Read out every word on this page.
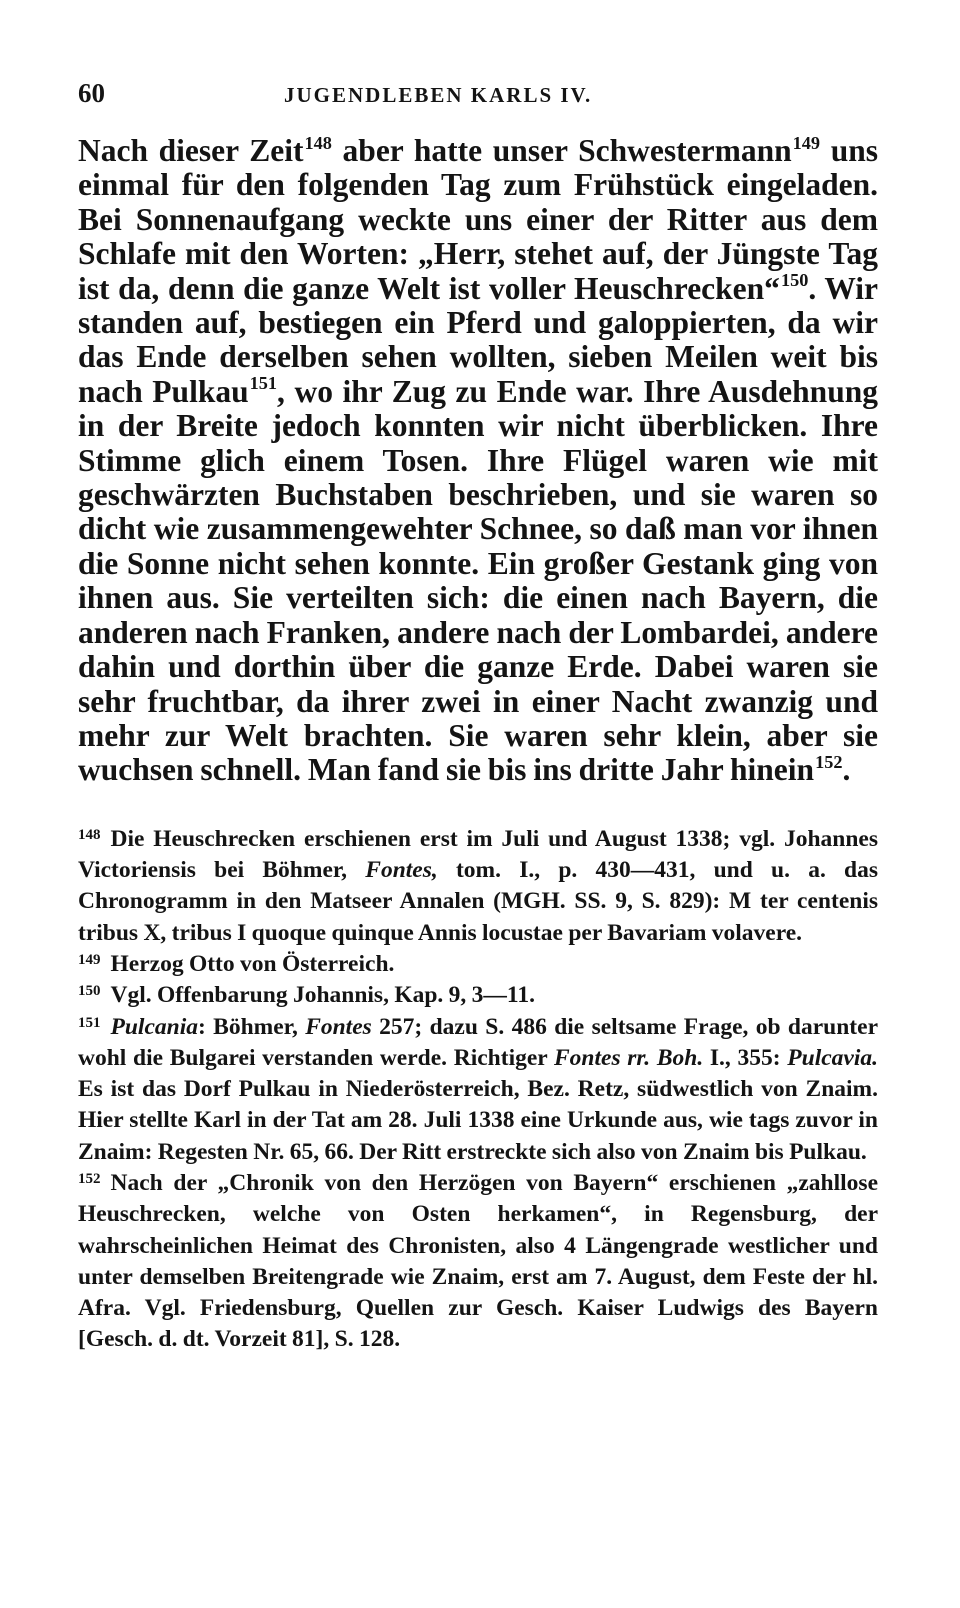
60	JUGENDLEBEN KARLS IV.

Nach dieser Zeit$^{148}$ aber hatte unser Schwestermann$^{149}$ uns einmal für den folgenden Tag zum Frühstück eingeladen. Bei Sonnenaufgang weckte uns einer der Ritter aus dem Schlafe mit den Worten: „Herr, stehet auf, der Jüngste Tag ist da, denn die ganze Welt ist voller Heuschrecken“$^{150}$. Wir standen auf, bestiegen ein Pferd und galoppierten, da wir das Ende derselben sehen wollten, sieben Meilen weit bis nach Pulkau$^{151}$, wo ihr Zug zu Ende war. Ihre Ausdehnung in der Breite jedoch konnten wir nicht überblicken. Ihre Stimme glich einem Tosen. Ihre Flügel waren wie mit geschwärzten Buchstaben beschrieben, und sie waren so dicht wie zusammengewehter Schnee, so daß man vor ihnen die Sonne nicht sehen konnte. Ein großer Gestank ging von ihnen aus. Sie verteilten sich: die einen nach Bayern, die anderen nach Franken, andere nach der Lombardei, andere dahin und dorthin über die ganze Erde. Dabei waren sie sehr fruchtbar, da ihrer zwei in einer Nacht zwanzig und mehr zur Welt brachten. Sie waren sehr klein, aber sie wuchsen schnell. Man fand sie bis ins dritte Jahr hinein$^{152}$.

$^{148}$ Die Heuschrecken erschienen erst im Juli und August 1338; vgl. Johannes Victoriensis bei Böhmer, Fontes, tom. I., p. 430—431, und u. a. das Chronogramm in den Matseer Annalen (MGH. SS. 9, S. 829): M ter centenis tribus X, tribus I quoque quinque Annis locustae per Bavariam volavere.

$^{149}$ Herzog Otto von Österreich.

$^{150}$ Vgl. Offenbarung Johannis, Kap. 9, 3—11.

$^{151}$ Pulcania: Böhmer, Fontes 257; dazu S. 486 die seltsame Frage, ob darunter wohl die Bulgarei verstanden werde. Richtiger Fontes rr. Boh. I., 355: Pulcavia. Es ist das Dorf Pulkau in Niederösterreich, Bez. Retz, südwestlich von Znaim. Hier stellte Karl in der Tat am 28. Juli 1338 eine Urkunde aus, wie tags zuvor in Znaim: Regesten Nr. 65, 66. Der Ritt erstreckte sich also von Znaim bis Pulkau.

$^{152}$ Nach der „Chronik von den Herzögen von Bayern“ erschienen „zahllose Heuschrecken, welche von Osten herkamen“, in Regensburg, der wahrscheinlichen Heimat des Chronisten, also 4 Längengrade westlicher und unter demselben Breitengrade wie Znaim, erst am 7. August, dem Feste der hl. Afra. Vgl. Friedensburg, Quellen zur Gesch. Kaiser Ludwigs des Bayern [Gesch. d. dt. Vorzeit 81], S. 128.
